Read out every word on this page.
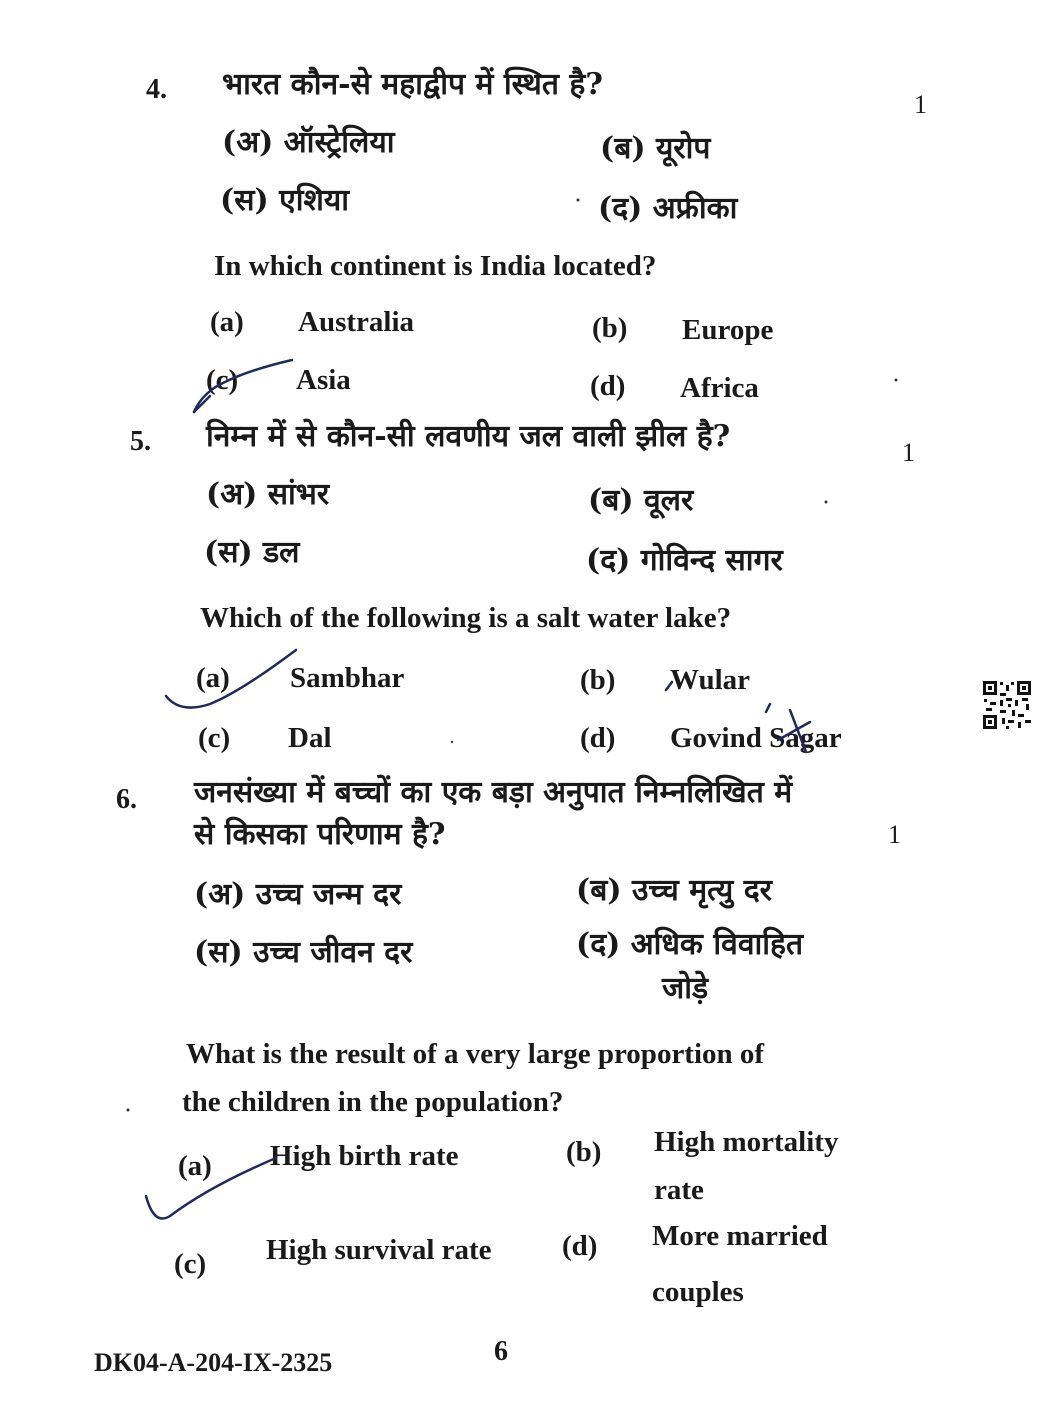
4. भारत कौन-से महाद्वीप में स्थित है?
1
(अ) ऑस्ट्रेलिया	(ब) यूरोप
(स) एशिया	(द) अफ्रीका
In which continent is India located?
(a) Australia	(b) Europe
(c) Asia	(d) Africa
5. निम्न में से कौन-सी लवणीय जल वाली झील है?	1
(अ) सांभर	(ब) वूलर
(स) डल	(द) गोविन्द सागर
Which of the following is a salt water lake?
(a) Sambhar	(b) Wular
(c) Dal	(d) Govind Sagar
6. जनसंख्या में बच्चों का एक बड़ा अनुपात निम्नलिखित में
से किसका परिणाम है?	1
(अ) उच्च जन्म दर	(ब) उच्च मृत्यु दर
(स) उच्च जीवन दर	(द) अधिक विवाहित
जोड़े
What is the result of a very large proportion of
the children in the population?
(a) High birth rate	(b) High mortality
rate
(c) High survival rate (d) More married
couples
DK04-A-204-IX-2325	6
